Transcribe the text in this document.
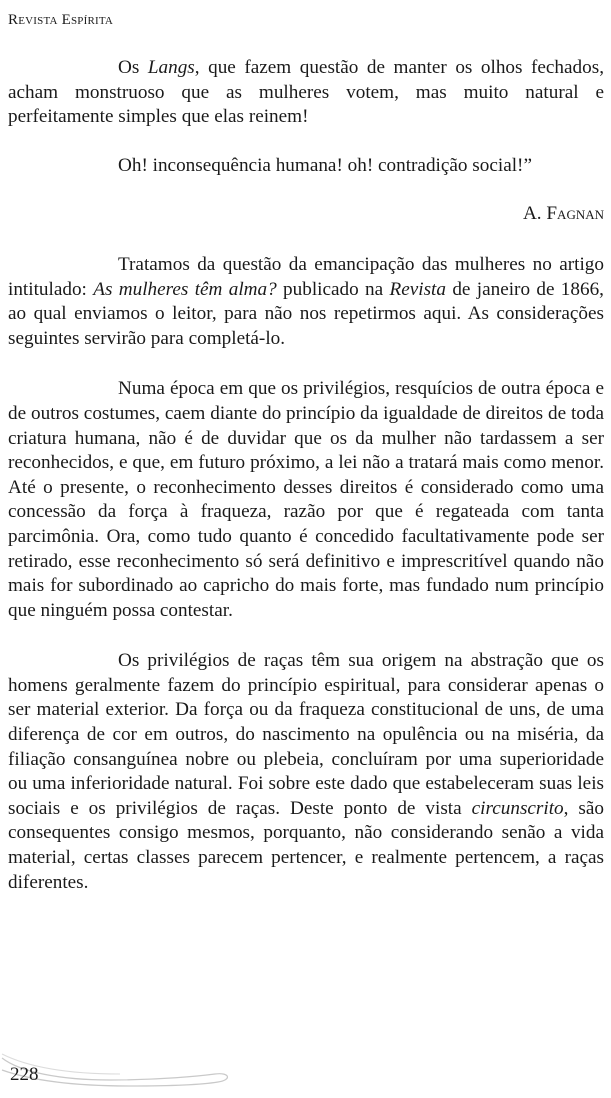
Revista Espírita

Os Langs, que fazem questão de manter os olhos fechados, acham monstruoso que as mulheres votem, mas muito natural e perfeitamente simples que elas reinem!

Oh! inconsequência humana! oh! contradição social!”

A. Fagnan

Tratamos da questão da emancipação das mulheres no artigo intitulado: As mulheres têm alma? publicado na Revista de janeiro de 1866, ao qual enviamos o leitor, para não nos repetirmos aqui. As considerações seguintes servirão para completá-lo.

Numa época em que os privilégios, resquícios de outra época e de outros costumes, caem diante do princípio da igualdade de direitos de toda criatura humana, não é de duvidar que os da mulher não tardassem a ser reconhecidos, e que, em futuro próximo, a lei não a tratará mais como menor. Até o presente, o reconhecimento desses direitos é considerado como uma concessão da força à fraqueza, razão por que é regateada com tanta parcimônia. Ora, como tudo quanto é concedido facultativamente pode ser retirado, esse reconhecimento só será definitivo e imprescritível quando não mais for subordinado ao capricho do mais forte, mas fundado num princípio que ninguém possa contestar.

Os privilégios de raças têm sua origem na abstração que os homens geralmente fazem do princípio espiritual, para considerar apenas o ser material exterior. Da força ou da fraqueza constitucional de uns, de uma diferença de cor em outros, do nascimento na opulência ou na miséria, da filiação consanguínea nobre ou plebeia, concluíram por uma superioridade ou uma inferioridade natural. Foi sobre este dado que estabeleceram suas leis sociais e os privilégios de raças. Deste ponto de vista circunscrito, são consequentes consigo mesmos, porquanto, não considerando senão a vida material, certas classes parecem pertencer, e realmente pertencem, a raças diferentes.

228
